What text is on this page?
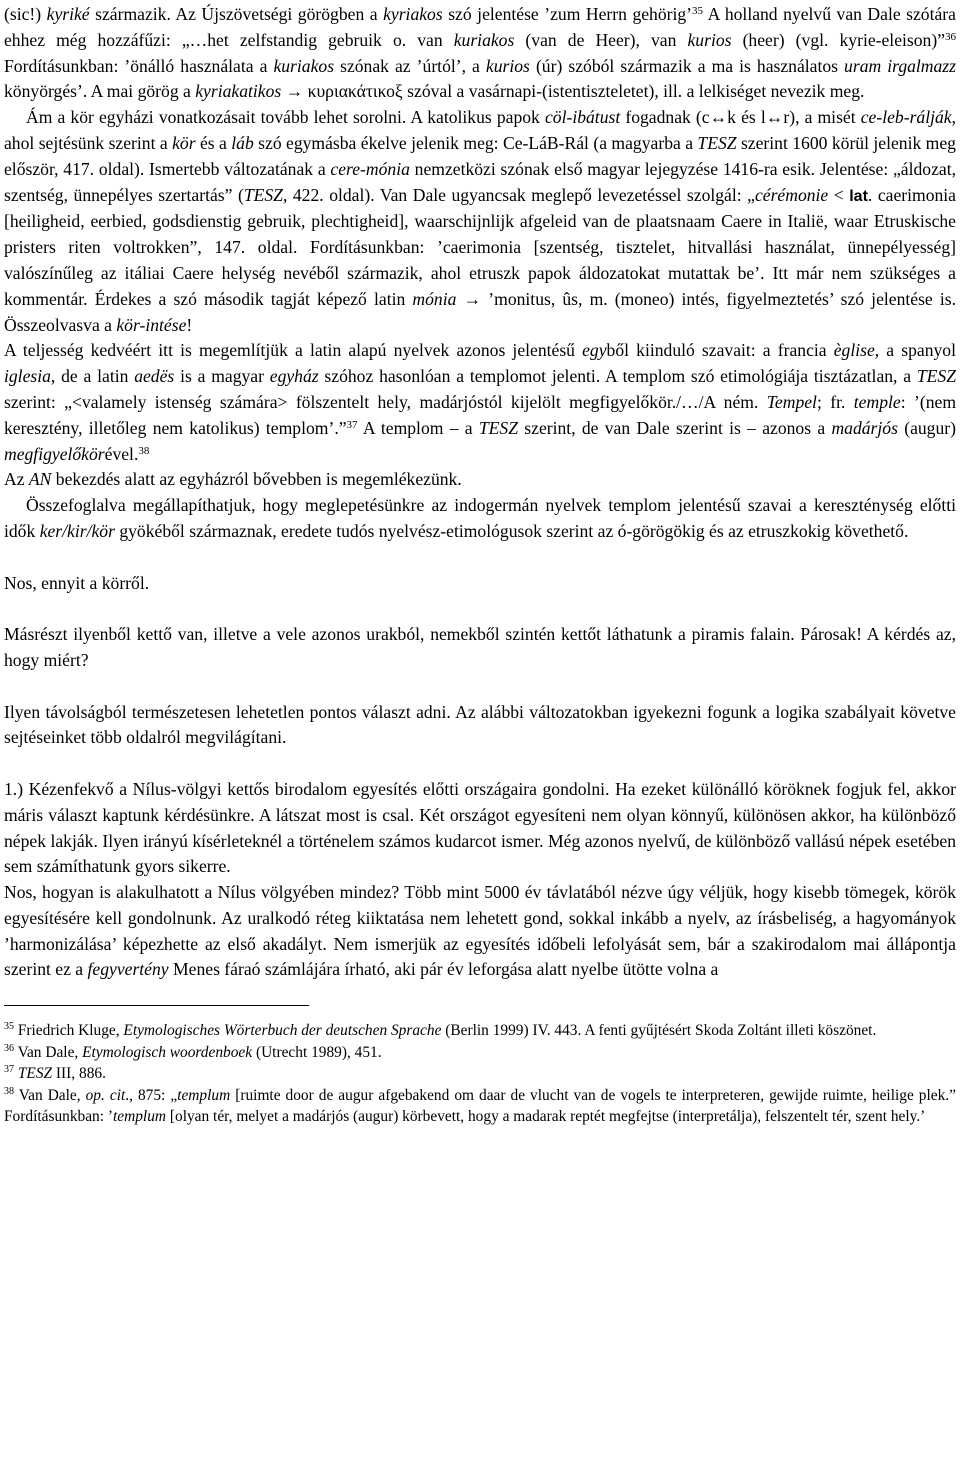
(sic!) kyriké származik. Az Újszövetségi görögben a kyriakos szó jelentése ’zum Herrn gehörig’$^{35}$ A holland nyelvű van Dale szótára ehhez még hozzáfűzi: „…het zelfstandig gebruik o. van kuriakos (van de Heer), van kurios (heer) (vgl. kyrie-eleison)”$^{36}$ Fordításunkban: ’önálló használata a kuriakos szónak az ’úrtól’, a kurios (úr) szóból származik a ma is használatos uram irgalmazz könyörgés’. A mai görög a kyriakatikos → κυριακάτικοξ szóval a vasárnapi-(istentiszteletet), ill. a lelkiséget nevezik meg.

Ám a kör egyházi vonatkozásait tovább lehet sorolni. A katolikus papok cöl-ibátust fogadnak (c↔k és l↔r), a misét ce-leb-rálják, ahol sejtésünk szerint a kör és a láb szó egymásba ékelve jelenik meg: Ce-LáB-Rál (a magyarba a TESZ szerint 1600 körül jelenik meg először, 417. oldal). Ismertebb változatának a cere-mónia nemzetközi szónak első magyar lejegyzése 1416-ra esik. Jelentése: „áldozat, szentség, ünnepélyes szertartás” (TESZ, 422. oldal). Van Dale ugyancsak meglepő levezetéssel szolgál: „cérémonie < lat. caerimonia [heiligheid, eerbied, godsdienstig gebruik, plechtigheid], waarschijnlijk afgeleid van de plaatsnaam Caere in Italië, waar Etruskische pristers riten voltrokken”, 147. oldal. Fordításunkban: ’caerimonia [szentség, tisztelet, hitvallási használat, ünnepélyesség] valószínűleg az itáliai Caere helység nevéből származik, ahol etruszk papok áldozatokat mutattak be’. Itt már nem szükséges a kommentár. Érdekes a szó második tagját képező latin mónia → ’monitus, ûs, m. (moneo) intés, figyelmeztetés’ szó jelentése is. Összeolvasva a kör-intése!

A teljesség kedvéért itt is megemlítjük a latin alapú nyelvek azonos jelentésű egyből kiinduló szavait: a francia èglise, a spanyol iglesia, de a latin aedës is a magyar egyház szóhoz hasonlóan a templomot jelenti. A templom szó etimológiája tisztázatlan, a TESZ szerint: „<valamely istenség számára> fölszentelt hely, madárjóstól kijelölt megfigyelőkör./…/A ném. Tempel; fr. temple: ’(nem keresztény, illetőleg nem katolikus) templom’.”$^{37}$ A templom – a TESZ szerint, de van Dale szerint is – azonos a madárjós (augur) megfigyelőkörével.$^{38}$

Az AN bekezdés alatt az egyházról bővebben is megemlékezünk.

Összefoglalva megállapíthatjuk, hogy meglepetésünkre az indogermán nyelvek templom jelentésű szavai a kereszténység előtti idők ker/kir/kör gyökéből származnak, eredete tudós nyelvész-etimológusok szerint az ó-görögökig és az etruszkokig követhető.

Nos, ennyit a körről.

Másrészt ilyenből kettő van, illetve a vele azonos urakból, nemekből szintén kettőt láthatunk a piramis falain. Párosak! A kérdés az, hogy miért?

Ilyen távolságból természetesen lehetetlen pontos választ adni. Az alábbi változatokban igyekezni fogunk a logika szabályait követve sejtéseinket több oldalról megvilágítani.

1.) Kézenfekvő a Nílus-völgyi kettős birodalom egyesítés előtti országaira gondolni. Ha ezeket különálló köröknek fogjuk fel, akkor máris választ kaptunk kérdésünkre. A látszat most is csal. Két országot egyesíteni nem olyan könnyű, különösen akkor, ha különböző népek lakják. Ilyen irányú kísérleteknél a történelem számos kudarcot ismer. Még azonos nyelvű, de különböző vallású népek esetében sem számíthatunk gyors sikerre.

Nos, hogyan is alakulhatott a Nílus völgyében mindez? Több mint 5000 év távlatából nézve úgy véljük, hogy kisebb tömegek, körök egyesítésére kell gondolnunk. Az uralkodó réteg kiiktatása nem lehetett gond, sokkal inkább a nyelv, az írásbeliség, a hagyományok ’harmonizálása’ képezhette az első akadályt. Nem ismerjük az egyesítés időbeli lefolyását sem, bár a szakirodalom mai állápontja szerint ez a fegyvertény Menes fáraó számlájára írható, aki pár év leforgása alatt nyelbe ütötte volna a

$^{35}$ Friedrich Kluge, Etymologisches Wörterbuch der deutschen Sprache (Berlin 1999) IV. 443. A fenti gyűjtésért Skoda Zoltánt illeti köszönet.

$^{36}$ Van Dale, Etymologisch woordenboek (Utrecht 1989), 451.

$^{37}$ TESZ III, 886.

$^{38}$ Van Dale, op. cit., 875: „templum [ruimte door de augur afgebakend om daar de vlucht van de vogels te interpreteren, gewijde ruimte, heilige plek.” Fordításunkban: ’templum [olyan tér, melyet a madárjós (augur) körbevett, hogy a madarak reptét megfejtse (interpretálja), felszentelt tér, szent hely.’
